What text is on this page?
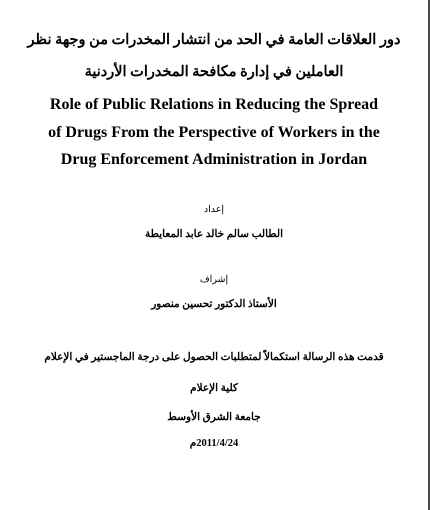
دور العلاقات العامة في الحد من انتشار المخدرات من وجهة نظر
العاملين في إدارة مكافحة المخدرات الأردنية
Role of Public Relations in Reducing the Spread
of Drugs From the Perspective of Workers in the
Drug Enforcement Administration in Jordan
إعداد
الطالب سالم خالد عابد المعايطة
إشراف
الأستاذ الدكتور تحسين منصور
قدمت هذه الرسالة استكمالاً لمتطلبات الحصول على درجة الماجستير في الإعلام
كلية الإعلام
جامعة الشرق الأوسط
2011/4/24م
